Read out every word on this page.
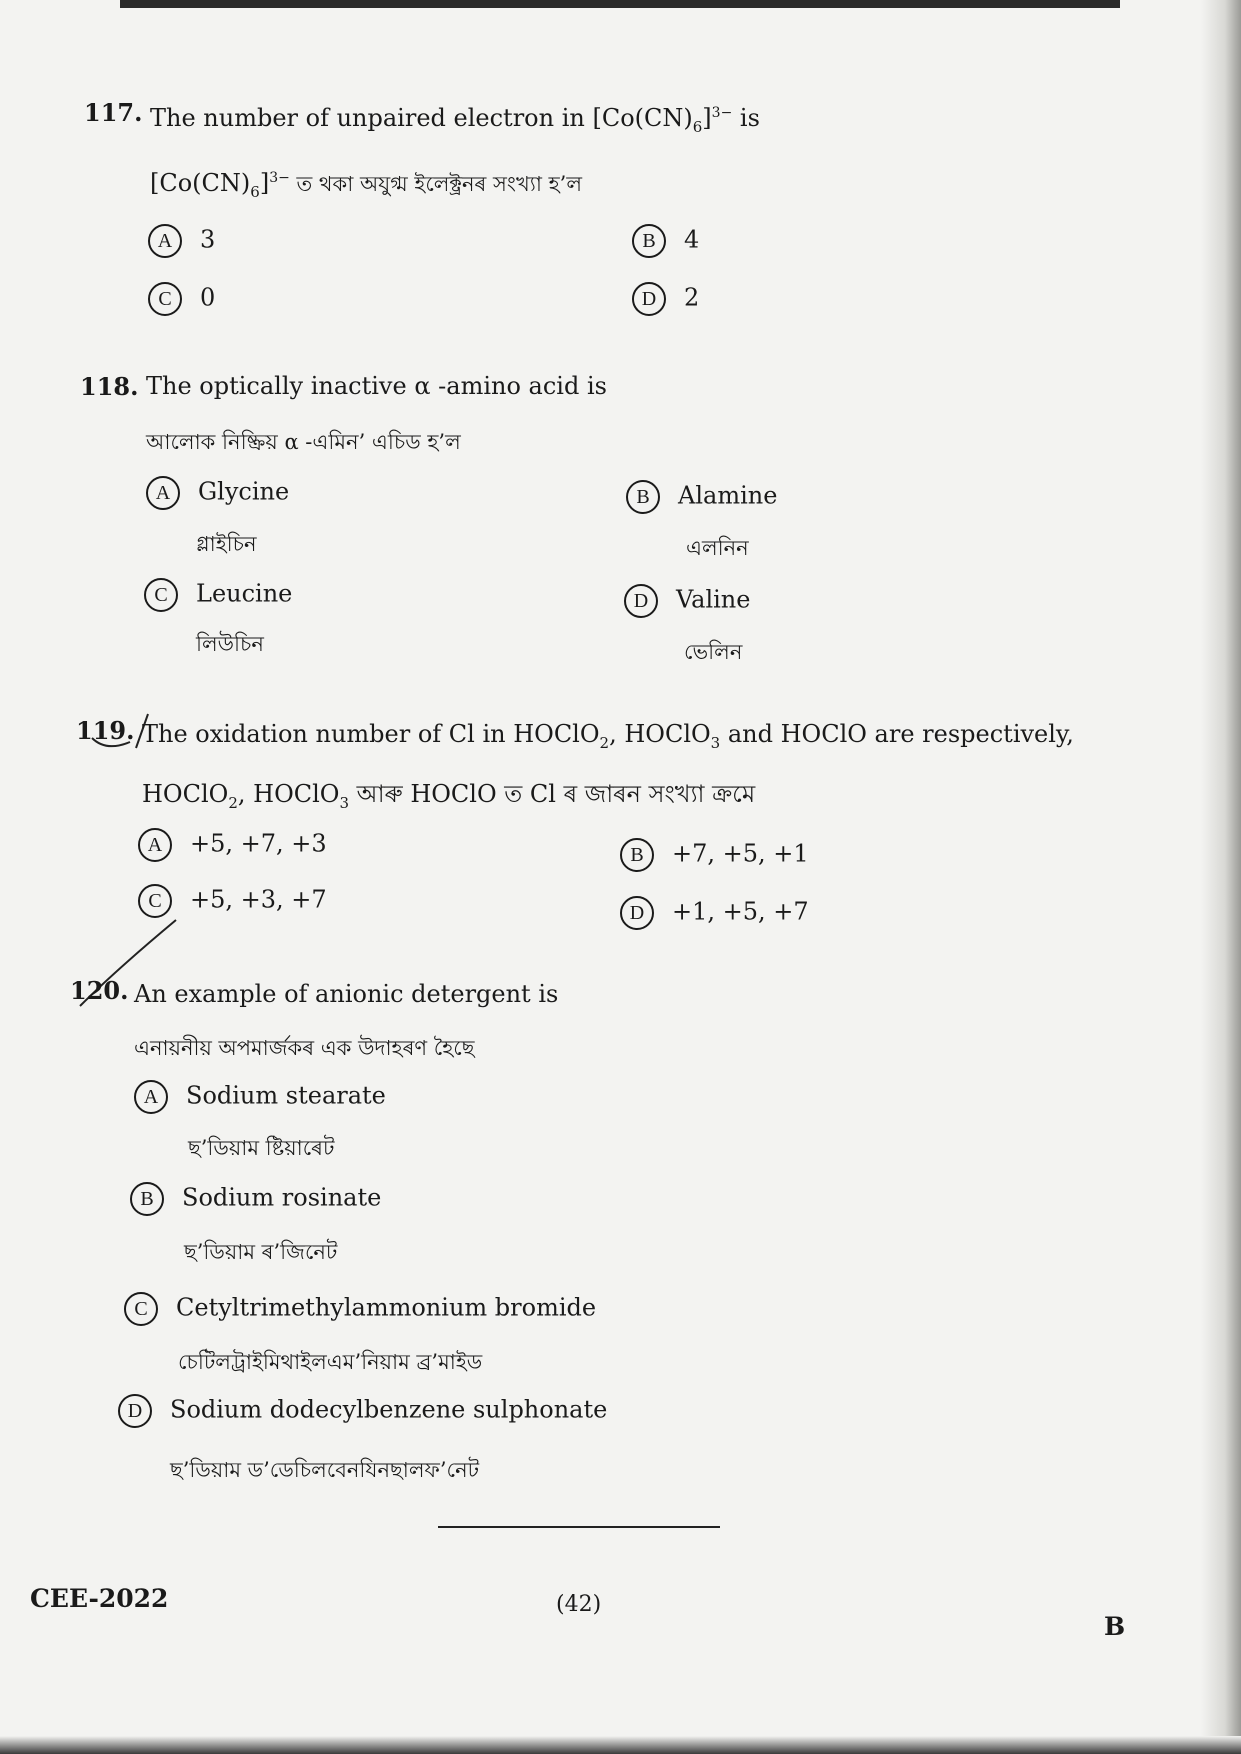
117. The number of unpaired electron in $[Co(CN)_6]^{3-}$ is
$[Co(CN)_6]^{3-}$ ত থকা অযুগ্ম ইলেক্ট্ৰনৰ সংখ্যা হ’ল
A 3	B 4
C 0	D 2
118. The optically inactive α -amino acid is
আলোক নিষ্ক্ৰিয় α -এমিন’ এচিড হ’ল
A Glycine
গ্লাইচিন
B Alamine
এলনিন
C Leucine
লিউচিন
D Valine
ভেলিন
119. The oxidation number of Cl in HOClO$_2$, HOClO$_3$ and HOClO are respectively,
HOClO$_2$, HOClO$_3$ আৰু HOClO ত Cl ৰ জাৰন সংখ্যা ক্ৰমে
A +5, +7, +3	B +7, +5, +1
C +5, +3, +7	D +1, +5, +7
120. An example of anionic detergent is
এনায়নীয় অপমাৰ্জকৰ এক উদাহৰণ হৈছে
A Sodium stearate
ছ’ডিয়াম ষ্টিয়াৰেট
B Sodium rosinate
ছ’ডিয়াম ৰ’জিনেট
C Cetyltrimethylammonium bromide
চেটিলট্ৰাইমিথাইলএম’নিয়াম ব্ৰ’মাইড
D Sodium dodecylbenzene sulphonate
ছ’ডিয়াম ড’ডেচিলবেনযিনছালফ’নেট
CEE-2022	(42)
B
